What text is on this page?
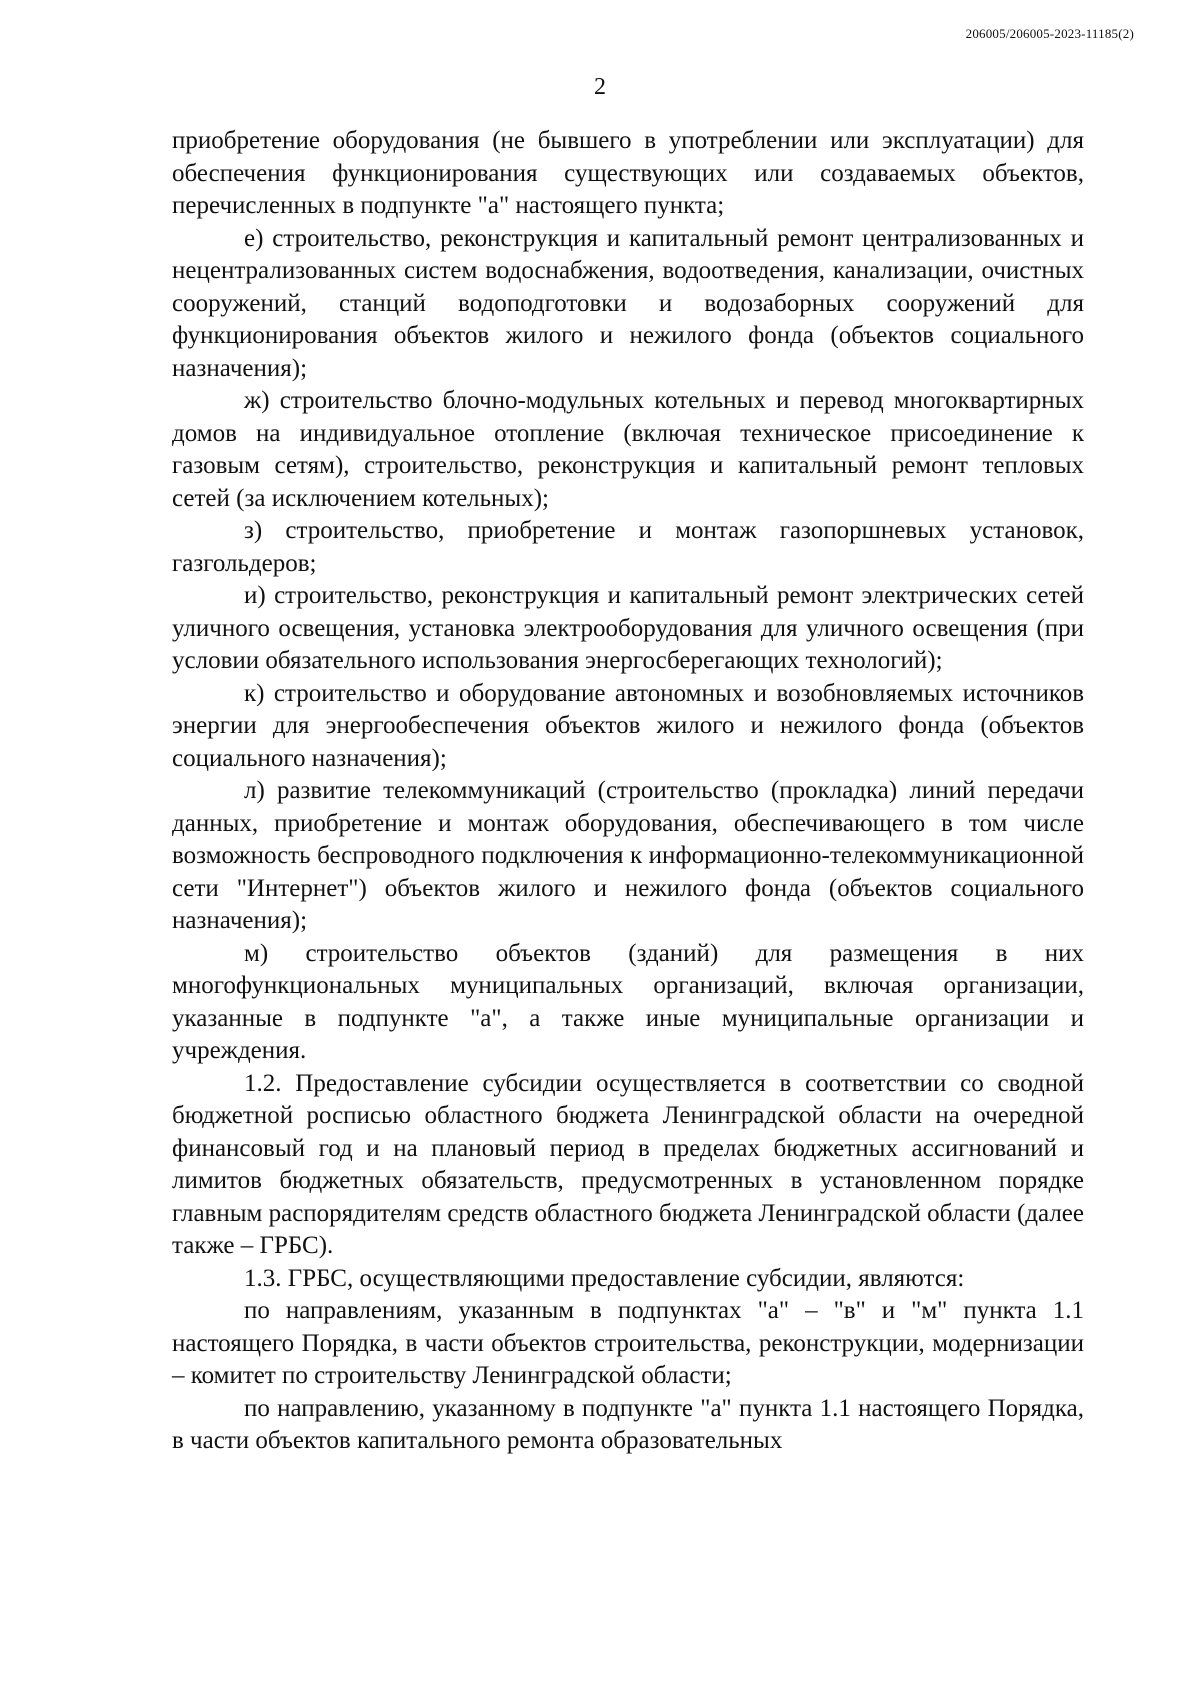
206005/206005-2023-11185(2)
2

приобретение оборудования (не бывшего в употреблении или эксплуатации) для обеспечения функционирования существующих или создаваемых объектов, перечисленных в подпункте "а" настоящего пункта;

е) строительство, реконструкция и капитальный ремонт централизованных и нецентрализованных систем водоснабжения, водоотведения, канализации, очистных сооружений, станций водоподготовки и водозаборных сооружений для функционирования объектов жилого и нежилого фонда (объектов социального назначения);

ж) строительство блочно-модульных котельных и перевод многоквартирных домов на индивидуальное отопление (включая техническое присоединение к газовым сетям), строительство, реконструкция и капитальный ремонт тепловых сетей (за исключением котельных);

з) строительство, приобретение и монтаж газопоршневых установок, газгольдеров;

и) строительство, реконструкция и капитальный ремонт электрических сетей уличного освещения, установка электрооборудования для уличного освещения (при условии обязательного использования энергосберегающих технологий);

к) строительство и оборудование автономных и возобновляемых источников энергии для энергообеспечения объектов жилого и нежилого фонда (объектов социального назначения);

л) развитие телекоммуникаций (строительство (прокладка) линий передачи данных, приобретение и монтаж оборудования, обеспечивающего в том числе возможность беспроводного подключения к информационно-телекоммуникационной сети "Интернет") объектов жилого и нежилого фонда (объектов социального назначения);

м) строительство объектов (зданий) для размещения в них многофункциональных муниципальных организаций, включая организации, указанные в подпункте "а", а также иные муниципальные организации и учреждения.

1.2. Предоставление субсидии осуществляется в соответствии со сводной бюджетной росписью областного бюджета Ленинградской области на очередной финансовый год и на плановый период в пределах бюджетных ассигнований и лимитов бюджетных обязательств, предусмотренных в установленном порядке главным распорядителям средств областного бюджета Ленинградской области (далее также – ГРБС).

1.3. ГРБС, осуществляющими предоставление субсидии, являются:

по направлениям, указанным в подпунктах "а" – "в" и "м" пункта 1.1 настоящего Порядка, в части объектов строительства, реконструкции, модернизации – комитет по строительству Ленинградской области;

по направлению, указанному в подпункте "а" пункта 1.1 настоящего Порядка, в части объектов капитального ремонта образовательных
